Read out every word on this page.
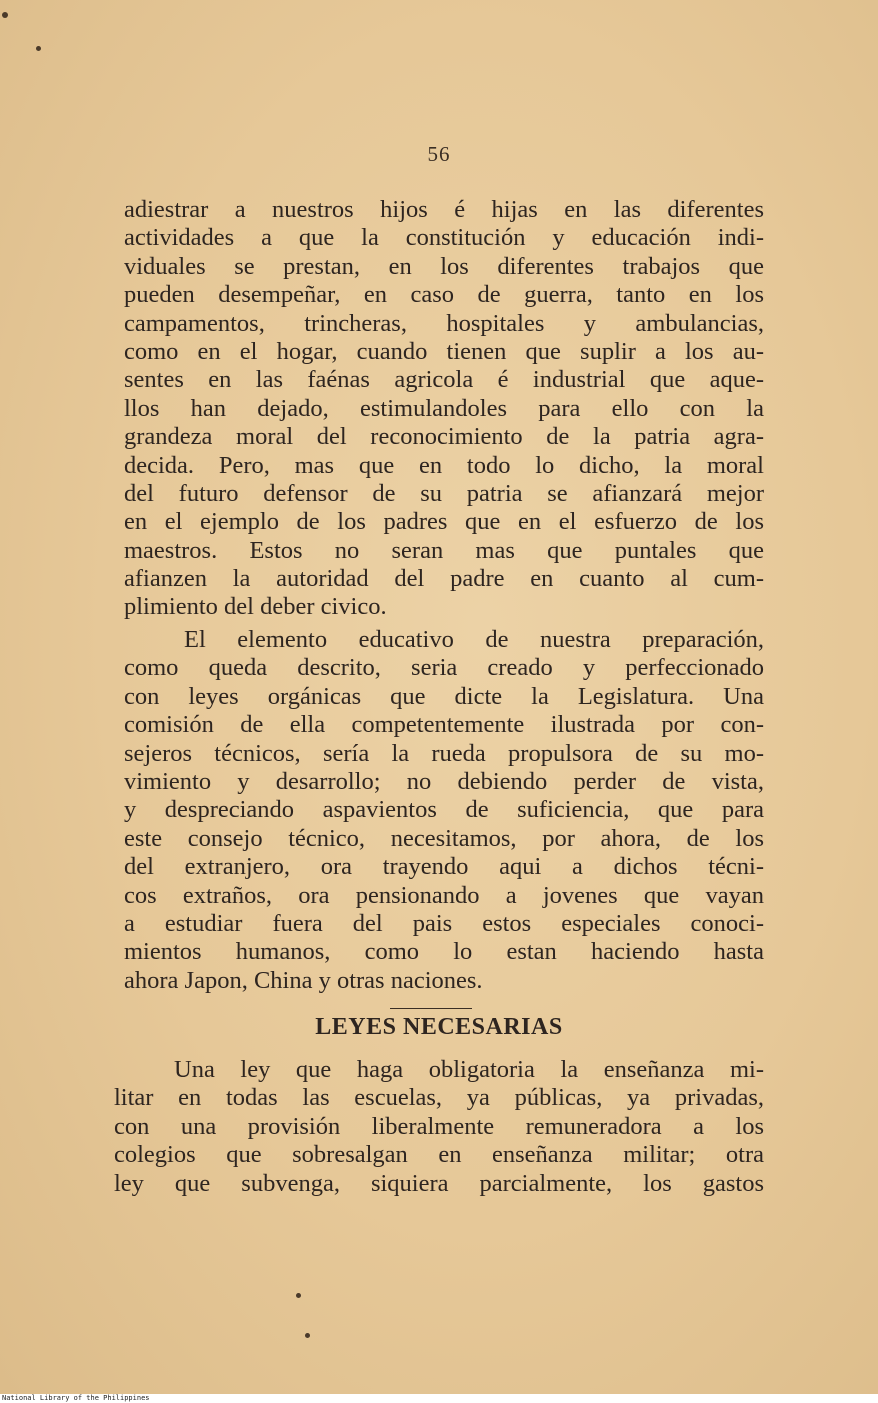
56
adiestrar a nuestros hijos é hijas en las diferentes
actividades a que la constitución y educación indi-
viduales se prestan, en los diferentes trabajos que
pueden desempeñar, en caso de guerra, tanto en los
campamentos, trincheras, hospitales y ambulancias,
como en el hogar, cuando tienen que suplir a los au-
sentes en las faénas agricola é industrial que aque-
llos han dejado, estimulandoles para ello con la
grandeza moral del reconocimiento de la patria agra-
decida. Pero, mas que en todo lo dicho, la moral
del futuro defensor de su patria se afianzará mejor
en el ejemplo de los padres que en el esfuerzo de los
maestros. Estos no seran mas que puntales que
afianzen la autoridad del padre en cuanto al cum-
plimiento del deber civico.
El elemento educativo de nuestra preparación,
como queda descrito, seria creado y perfeccionado
con leyes orgánicas que dicte la Legislatura. Una
comisión de ella competentemente ilustrada por con-
sejeros técnicos, sería la rueda propulsora de su mo-
vimiento y desarrollo; no debiendo perder de vista,
y despreciando aspavientos de suficiencia, que para
este consejo técnico, necesitamos, por ahora, de los
del extranjero, ora trayendo aqui a dichos técni-
cos extraños, ora pensionando a jovenes que vayan
a estudiar fuera del pais estos especiales conoci-
mientos humanos, como lo estan haciendo hasta
ahora Japon, China y otras naciones.
LEYES NECESARIAS
Una ley que haga obligatoria la enseñanza mi-
litar en todas las escuelas, ya públicas, ya privadas,
con una provisión liberalmente remuneradora a los
colegios que sobresalgan en enseñanza militar; otra
ley que subvenga, siquiera parcialmente, los gastos
National Library of the Philippines
